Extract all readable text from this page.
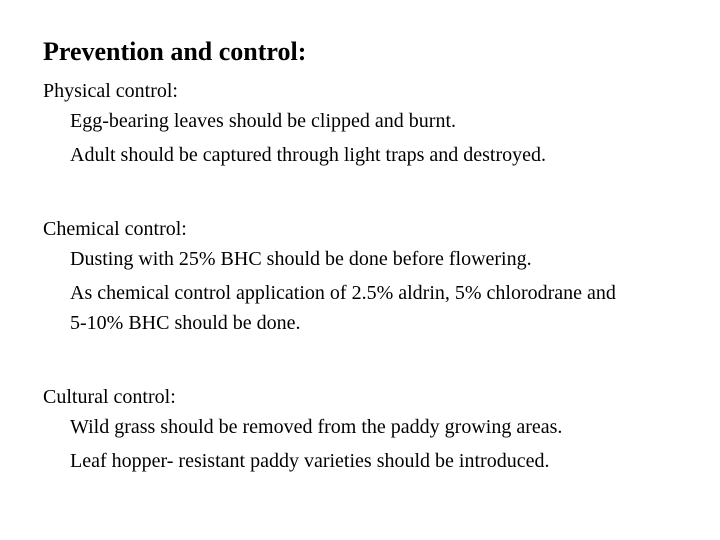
Prevention and control:
Physical control:
Egg-bearing leaves should be clipped and burnt.
Adult should be captured through light traps and destroyed.
Chemical control:
Dusting with 25% BHC should be done before flowering.
As chemical control application of 2.5% aldrin, 5% chlorodrane and 5-10% BHC should be done.
Cultural control:
Wild grass should be removed from the paddy growing areas.
Leaf hopper- resistant paddy varieties should be introduced.
